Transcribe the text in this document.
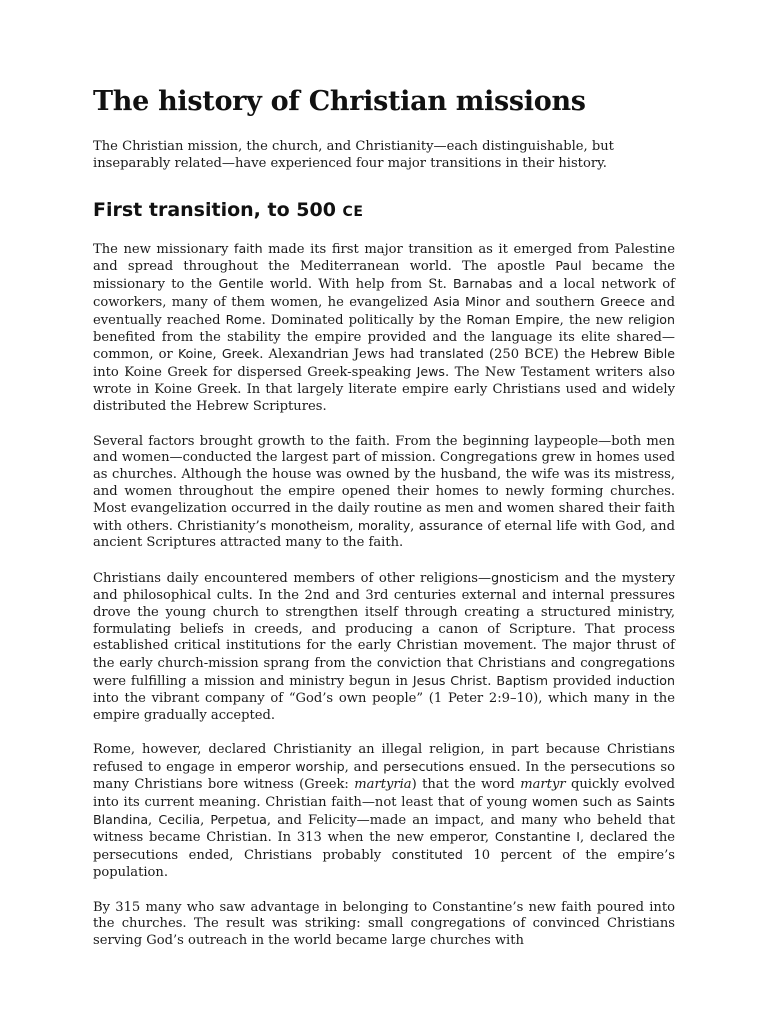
The history of Christian missions

The Christian mission, the church, and Christianity—each distinguishable, but inseparably related—have experienced four major transitions in their history.

First transition, to 500 CE

The new missionary faith made its first major transition as it emerged from Palestine and spread throughout the Mediterranean world. The apostle Paul became the missionary to the Gentile world. With help from St. Barnabas and a local network of coworkers, many of them women, he evangelized Asia Minor and southern Greece and eventually reached Rome. Dominated politically by the Roman Empire, the new religion benefited from the stability the empire provided and the language its elite shared—common, or Koine, Greek. Alexandrian Jews had translated (250 BCE) the Hebrew Bible into Koine Greek for dispersed Greek-speaking Jews. The New Testament writers also wrote in Koine Greek. In that largely literate empire early Christians used and widely distributed the Hebrew Scriptures.

Several factors brought growth to the faith. From the beginning laypeople—both men and women—conducted the largest part of mission. Congregations grew in homes used as churches. Although the house was owned by the husband, the wife was its mistress, and women throughout the empire opened their homes to newly forming churches. Most evangelization occurred in the daily routine as men and women shared their faith with others. Christianity’s monotheism, morality, assurance of eternal life with God, and ancient Scriptures attracted many to the faith.

Christians daily encountered members of other religions—gnosticism and the mystery and philosophical cults. In the 2nd and 3rd centuries external and internal pressures drove the young church to strengthen itself through creating a structured ministry, formulating beliefs in creeds, and producing a canon of Scripture. That process established critical institutions for the early Christian movement. The major thrust of the early church-mission sprang from the conviction that Christians and congregations were fulfilling a mission and ministry begun in Jesus Christ. Baptism provided induction into the vibrant company of “God’s own people” (1 Peter 2:9–10), which many in the empire gradually accepted.

Rome, however, declared Christianity an illegal religion, in part because Christians refused to engage in emperor worship, and persecutions ensued. In the persecutions so many Christians bore witness (Greek: martyria) that the word martyr quickly evolved into its current meaning. Christian faith—not least that of young women such as Saints Blandina, Cecilia, Perpetua, and Felicity—made an impact, and many who beheld that witness became Christian. In 313 when the new emperor, Constantine I, declared the persecutions ended, Christians probably constituted 10 percent of the empire’s population.

By 315 many who saw advantage in belonging to Constantine’s new faith poured into the churches. The result was striking: small congregations of convinced Christians serving God’s outreach in the world became large churches with
